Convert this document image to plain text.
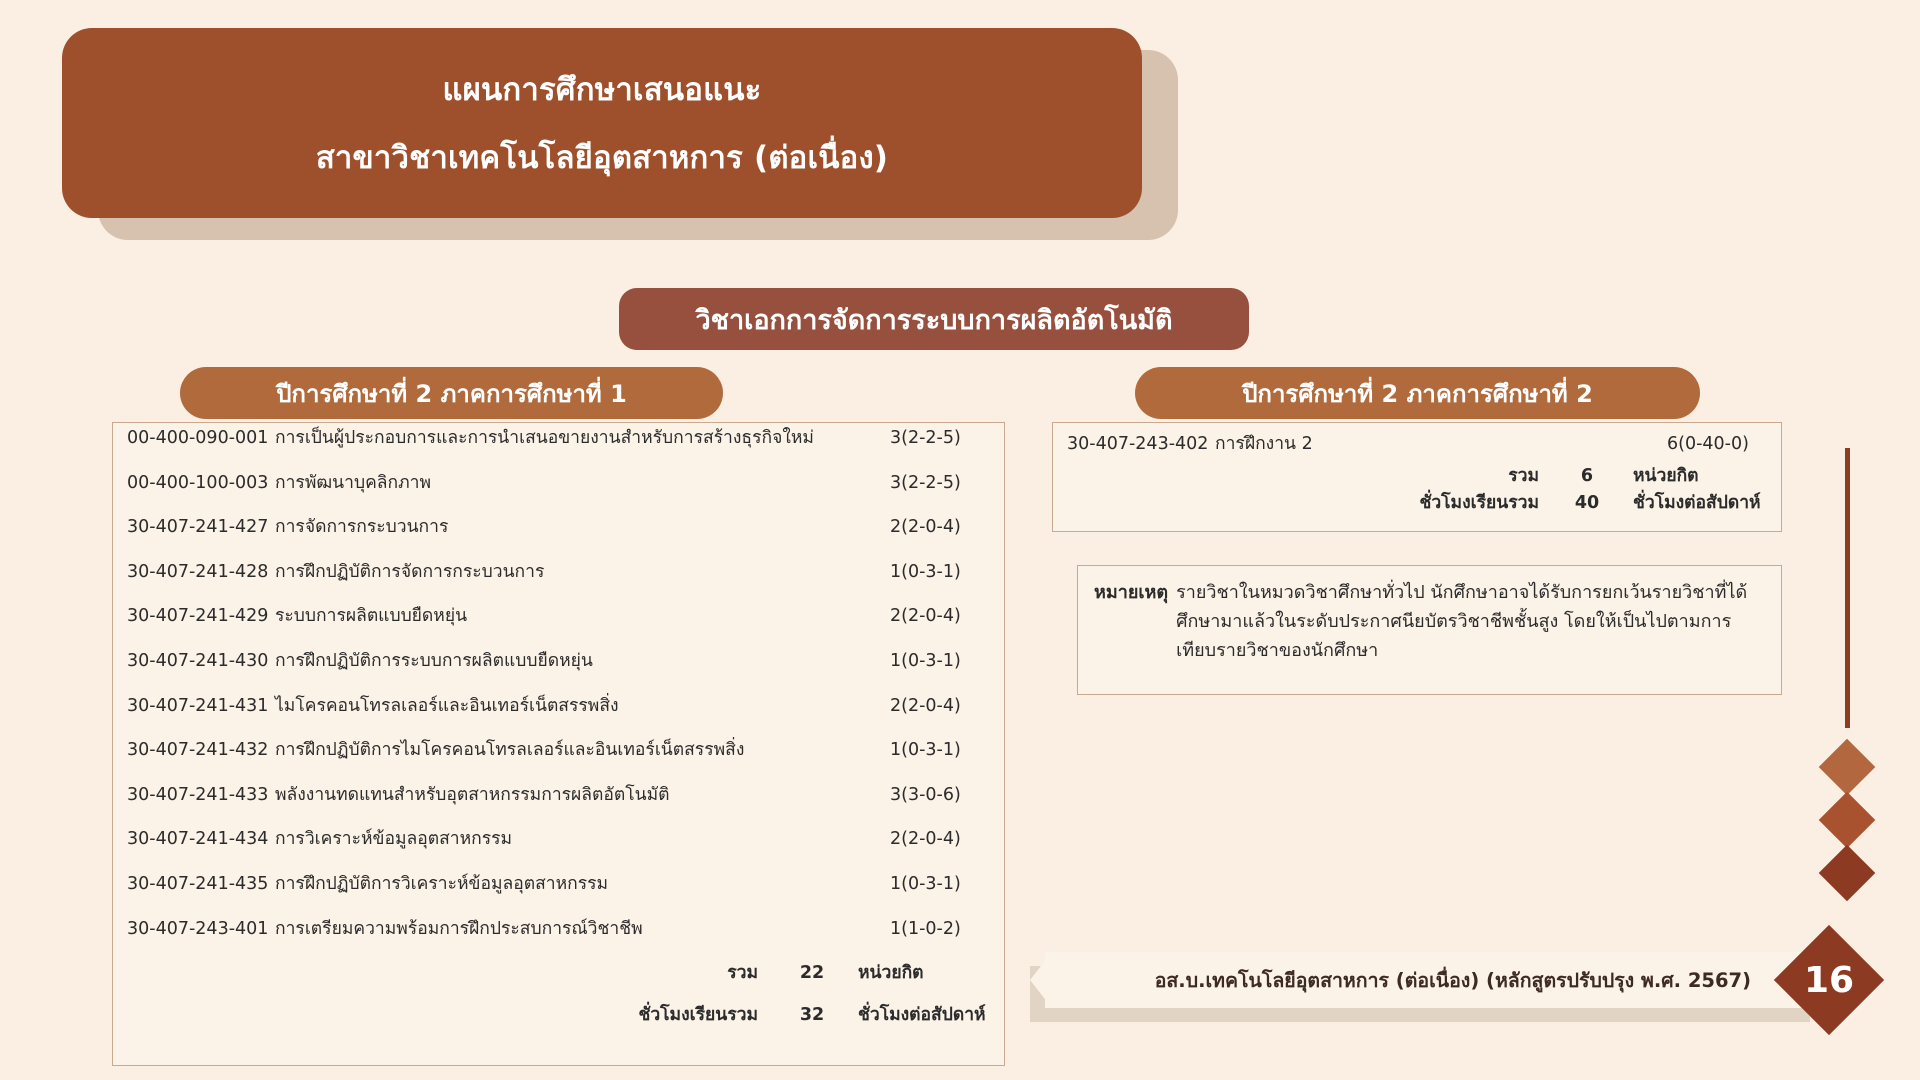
แผนการศึกษาเสนอแนะ
สาขาวิชาเทคโนโลยีอุตสาหการ (ต่อเนื่อง)
วิชาเอกการจัดการระบบการผลิตอัตโนมัติ
ปีการศึกษาที่ 2 ภาคการศึกษาที่ 1	ปีการศึกษาที่ 2 ภาคการศึกษาที่ 2
00-400-090-001 การเป็นผู้ประกอบการและการนำเสนอขายงานสำหรับการสร้างธุรกิจใหม่	3(2-2-5)
00-400-100-003 การพัฒนาบุคลิกภาพ	3(2-2-5)
30-407-241-427 การจัดการกระบวนการ	2(2-0-4)
30-407-241-428 การฝึกปฏิบัติการจัดการกระบวนการ	1(0-3-1)
30-407-241-429 ระบบการผลิตแบบยืดหยุ่น	2(2-0-4)
30-407-241-430 การฝึกปฏิบัติการระบบการผลิตแบบยืดหยุ่น	1(0-3-1)
30-407-241-431 ไมโครคอนโทรลเลอร์และอินเทอร์เน็ตสรรพสิ่ง	2(2-0-4)
30-407-241-432 การฝึกปฏิบัติการไมโครคอนโทรลเลอร์และอินเทอร์เน็ตสรรพสิ่ง	1(0-3-1)
30-407-241-433 พลังงานทดแทนสำหรับอุตสาหกรรมการผลิตอัตโนมัติ	3(3-0-6)
30-407-241-434 การวิเคราะห์ข้อมูลอุตสาหกรรม	2(2-0-4)
30-407-241-435 การฝึกปฏิบัติการวิเคราะห์ข้อมูลอุตสาหกรรม	1(0-3-1)
30-407-243-401 การเตรียมความพร้อมการฝึกประสบการณ์วิชาชีพ	1(1-0-2)
รวม	22	หน่วยกิต
ชั่วโมงเรียนรวม	32	ชั่วโมงต่อสัปดาห์
30-407-243-402 การฝึกงาน 2	6(0-40-0)
รวม	6	หน่วยกิต
ชั่วโมงเรียนรวม	40	ชั่วโมงต่อสัปดาห์
หมายเหตุ รายวิชาในหมวดวิชาศึกษาทั่วไป นักศึกษาอาจได้รับการยกเว้นรายวิชาที่ได้ศึกษามาแล้วในระดับประกาศนียบัตรวิชาชีพชั้นสูง โดยให้เป็นไปตามการเทียบรายวิชาของนักศึกษา
อส.บ.เทคโนโลยีอุตสาหการ (ต่อเนื่อง) (หลักสูตรปรับปรุง พ.ศ. 2567)	16
